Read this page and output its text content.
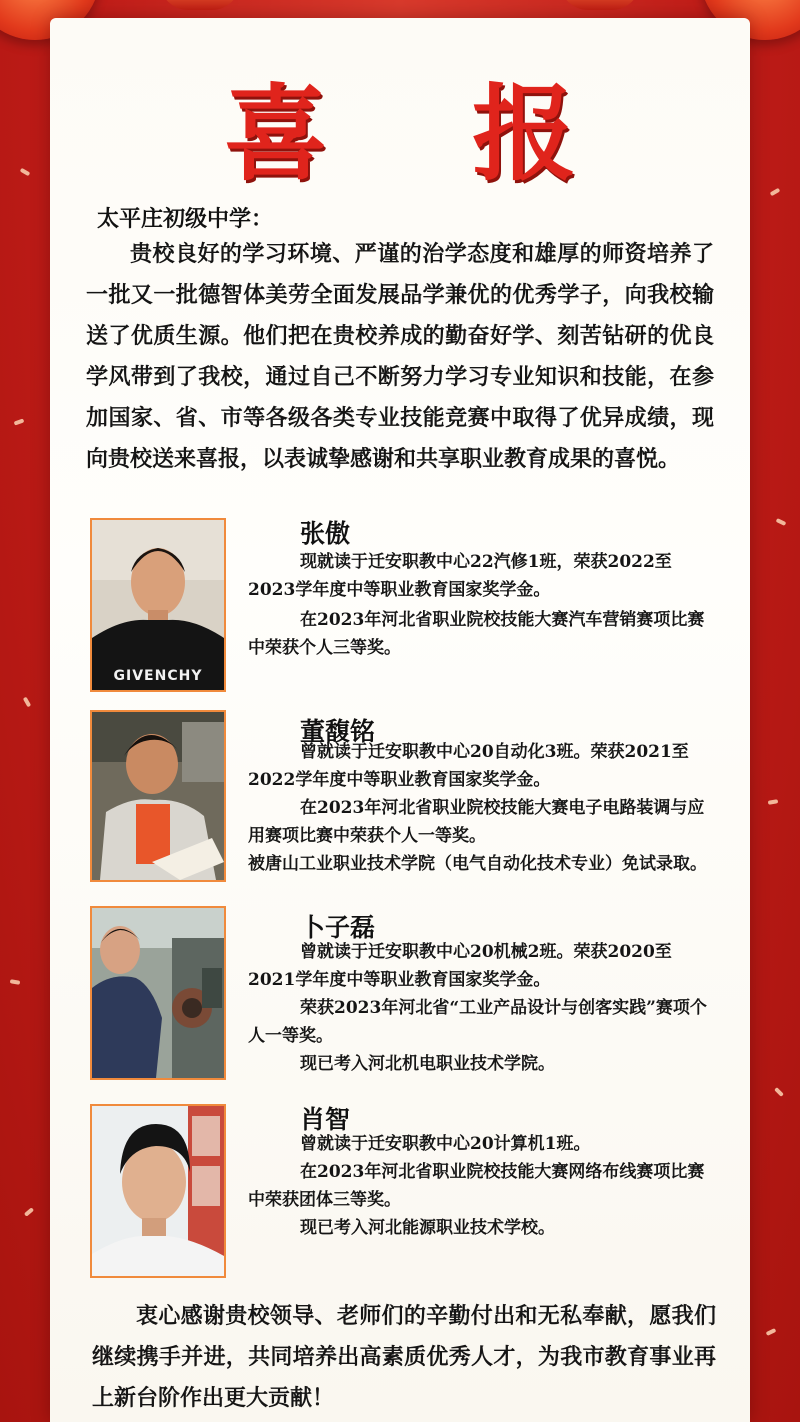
喜 报
太平庄初级中学：
贵校良好的学习环境、严谨的治学态度和雄厚的师资培养了一批又一批德智体美劳全面发展品学兼优的优秀学子，向我校输送了优质生源。他们把在贵校养成的勤奋好学、刻苦钻研的优良学风带到了我校，通过自己不断努力学习专业知识和技能，在参加国家、省、市等各级各类专业技能竞赛中取得了优异成绩，现向贵校送来喜报，以表诚挚感谢和共享职业教育成果的喜悦。
GIVENCHY
张傲

现就读于迁安职教中心22汽修1班，荣获2022至2023学年度中等职业教育国家奖学金。

在2023年河北省职业院校技能大赛汽车营销赛项比赛中荣获个人三等奖。

董馥铭

曾就读于迁安职教中心20自动化3班。荣获2021至2022学年度中等职业教育国家奖学金。

在2023年河北省职业院校技能大赛电子电路装调与应用赛项比赛中荣获个人一等奖。

被唐山工业职业技术学院（电气自动化技术专业）免试录取。

卜子磊

曾就读于迁安职教中心20机械2班。荣获2020至2021学年度中等职业教育国家奖学金。

荣获2023年河北省“工业产品设计与创客实践”赛项个人一等奖。

现已考入河北机电职业技术学院。

肖智

曾就读于迁安职教中心20计算机1班。

在2023年河北省职业院校技能大赛网络布线赛项比赛中荣获团体三等奖。

现已考入河北能源职业技术学校。

衷心感谢贵校领导、老师们的辛勤付出和无私奉献，愿我们继续携手并进，共同培养出高素质优秀人才，为我市教育事业再上新台阶作出更大贡献！
